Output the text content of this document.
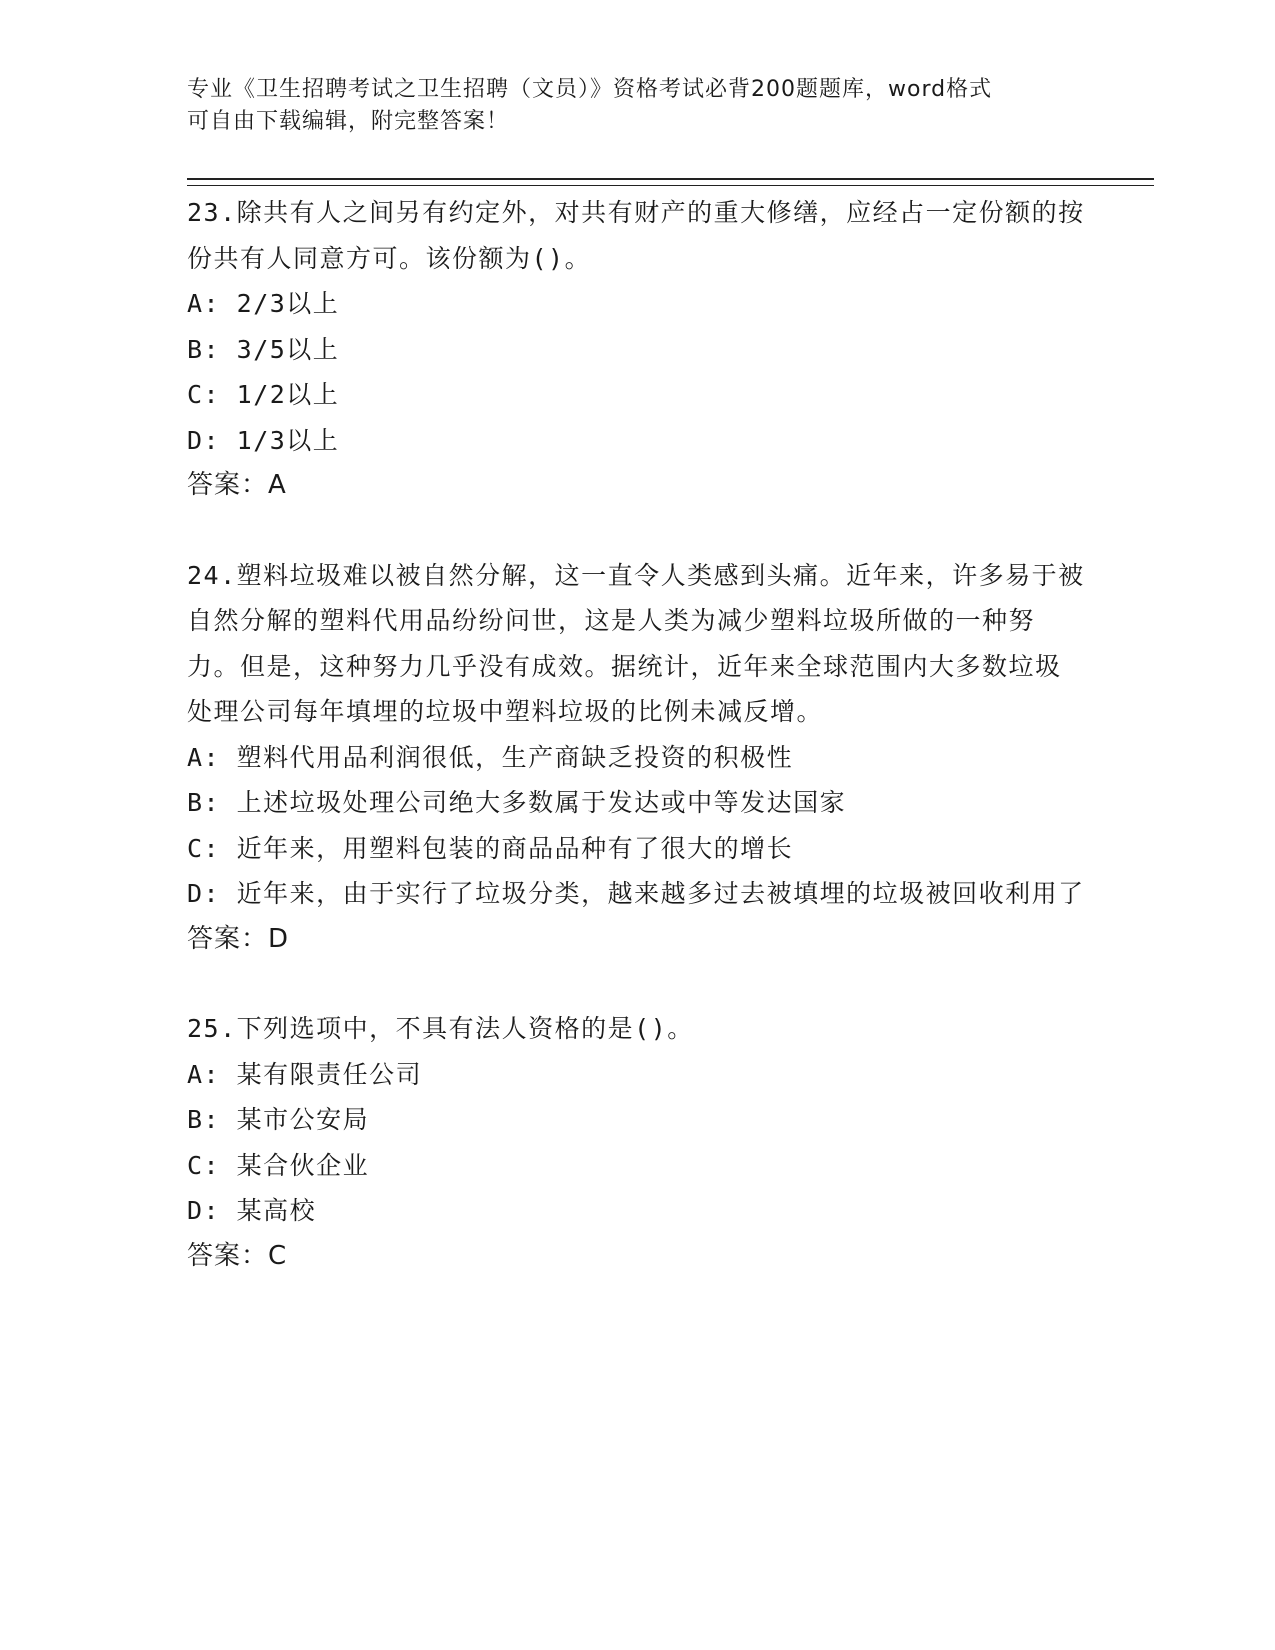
专业《卫生招聘考试之卫生招聘（文员）》资格考试必背200题题库，word格式
可自由下载编辑，附完整答案！
23.除共有人之间另有约定外，对共有财产的重大修缮，应经占一定份额的按份共有人同意方可。该份额为()。
A: 2/3以上
B: 3/5以上
C: 1/2以上
D: 1/3以上
答案：A
24.塑料垃圾难以被自然分解，这一直令人类感到头痛。近年来，许多易于被自然分解的塑料代用品纷纷问世，这是人类为减少塑料垃圾所做的一种努力。但是，这种努力几乎没有成效。据统计，近年来全球范围内大多数垃圾处理公司每年填埋的垃圾中塑料垃圾的比例未减反增。
A: 塑料代用品利润很低，生产商缺乏投资的积极性
B: 上述垃圾处理公司绝大多数属于发达或中等发达国家
C: 近年来，用塑料包装的商品品种有了很大的增长
D: 近年来，由于实行了垃圾分类，越来越多过去被填埋的垃圾被回收利用了
答案：D
25.下列选项中，不具有法人资格的是()。
A: 某有限责任公司
B: 某市公安局
C: 某合伙企业
D: 某高校
答案：C
